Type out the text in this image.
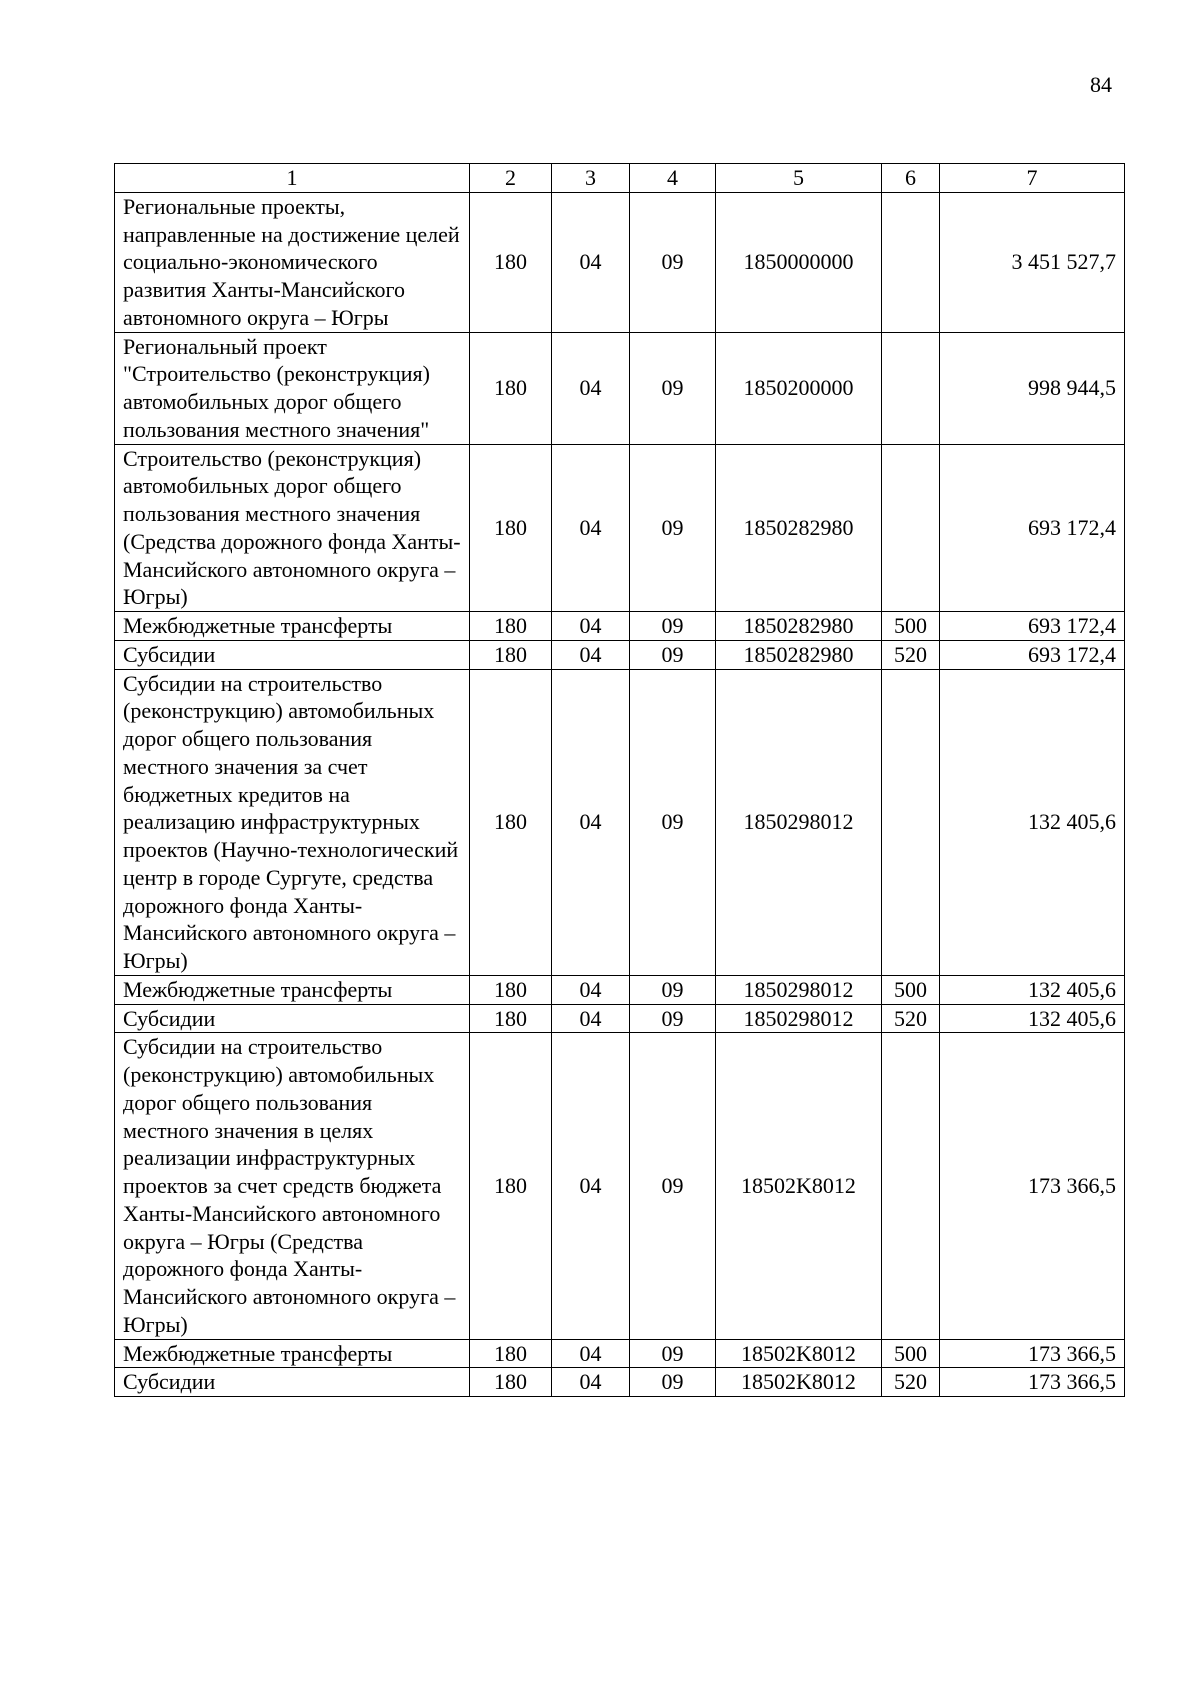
84
1	2	3	4	5	6	7
Региональные проекты, направленные на достижение целей социально-экономического развития Ханты-Мансийского автономного округа – Югры	180	04	09	1850000000		3 451 527,7
Региональный проект "Строительство (реконструкция) автомобильных дорог общего пользования местного значения"	180	04	09	1850200000		998 944,5
Строительство (реконструкция) автомобильных дорог общего пользования местного значения (Средства дорожного фонда Ханты-Мансийского автономного округа – Югры)	180	04	09	1850282980		693 172,4
Межбюджетные трансферты	180	04	09	1850282980	500	693 172,4
Субсидии	180	04	09	1850282980	520	693 172,4
Субсидии на строительство (реконструкцию) автомобильных дорог общего пользования местного значения за счет бюджетных кредитов на реализацию инфраструктурных проектов (Научно-технологический центр в городе Сургуте, средства дорожного фонда Ханты-Мансийского автономного округа – Югры)	180	04	09	1850298012		132 405,6
Межбюджетные трансферты	180	04	09	1850298012	500	132 405,6
Субсидии	180	04	09	1850298012	520	132 405,6
Субсидии на строительство (реконструкцию) автомобильных дорог общего пользования местного значения в целях реализации инфраструктурных проектов за счет средств бюджета Ханты-Мансийского автономного округа – Югры (Средства дорожного фонда Ханты-Мансийского автономного округа – Югры)	180	04	09	18502K8012		173 366,5
Межбюджетные трансферты	180	04	09	18502K8012	500	173 366,5
Субсидии	180	04	09	18502K8012	520	173 366,5
